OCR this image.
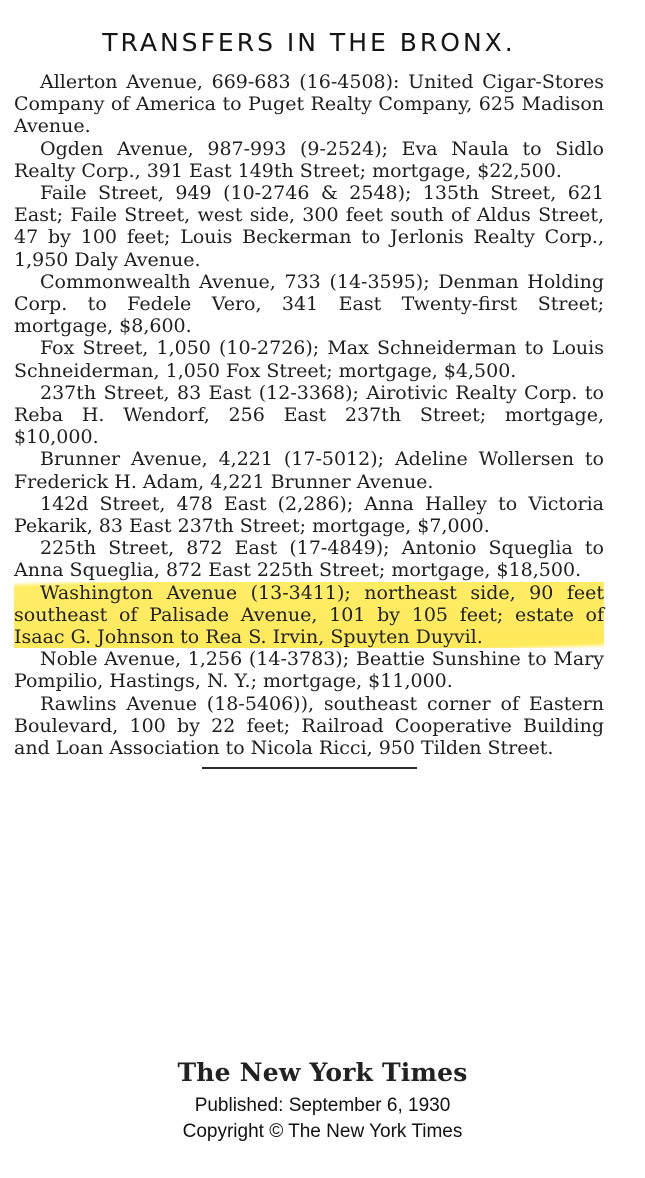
TRANSFERS IN THE BRONX.

Allerton Avenue, 669-683 (16-4508): United Cigar-Stores Company of America to Puget Realty Company, 625 Madison Avenue.

Ogden Avenue, 987-993 (9-2524); Eva Naula to Sidlo Realty Corp., 391 East 149th Street; mortgage, $22,500.

Faile Street, 949 (10-2746 & 2548); 135th Street, 621 East; Faile Street, west side, 300 feet south of Aldus Street, 47 by 100 feet; Louis Beckerman to Jerlonis Realty Corp., 1,950 Daly Avenue.

Commonwealth Avenue, 733 (14-3595); Denman Holding Corp. to Fedele Vero, 341 East Twenty-first Street; mortgage, $8,600.

Fox Street, 1,050 (10-2726); Max Schneiderman to Louis Schneiderman, 1,050 Fox Street; mortgage, $4,500.

237th Street, 83 East (12-3368); Airotivic Realty Corp. to Reba H. Wendorf, 256 East 237th Street; mortgage, $10,000.

Brunner Avenue, 4,221 (17-5012); Adeline Wollersen to Frederick H. Adam, 4,221 Brunner Avenue.

142d Street, 478 East (2,286); Anna Halley to Victoria Pekarik, 83 East 237th Street; mortgage, $7,000.

225th Street, 872 East (17-4849); Antonio Squeglia to Anna Squeglia, 872 East 225th Street; mortgage, $18,500.

Washington Avenue (13-3411); northeast side, 90 feet southeast of Palisade Avenue, 101 by 105 feet; estate of Isaac G. Johnson to Rea S. Irvin, Spuyten Duyvil.

Noble Avenue, 1,256 (14-3783); Beattie Sunshine to Mary Pompilio, Hastings, N. Y.; mortgage, $11,000.

Rawlins Avenue (18-5406)), southeast corner of Eastern Boulevard, 100 by 22 feet; Railroad Cooperative Building and Loan Association to Nicola Ricci, 950 Tilden Street.

The New York Times
Published: September 6, 1930
Copyright © The New York Times
